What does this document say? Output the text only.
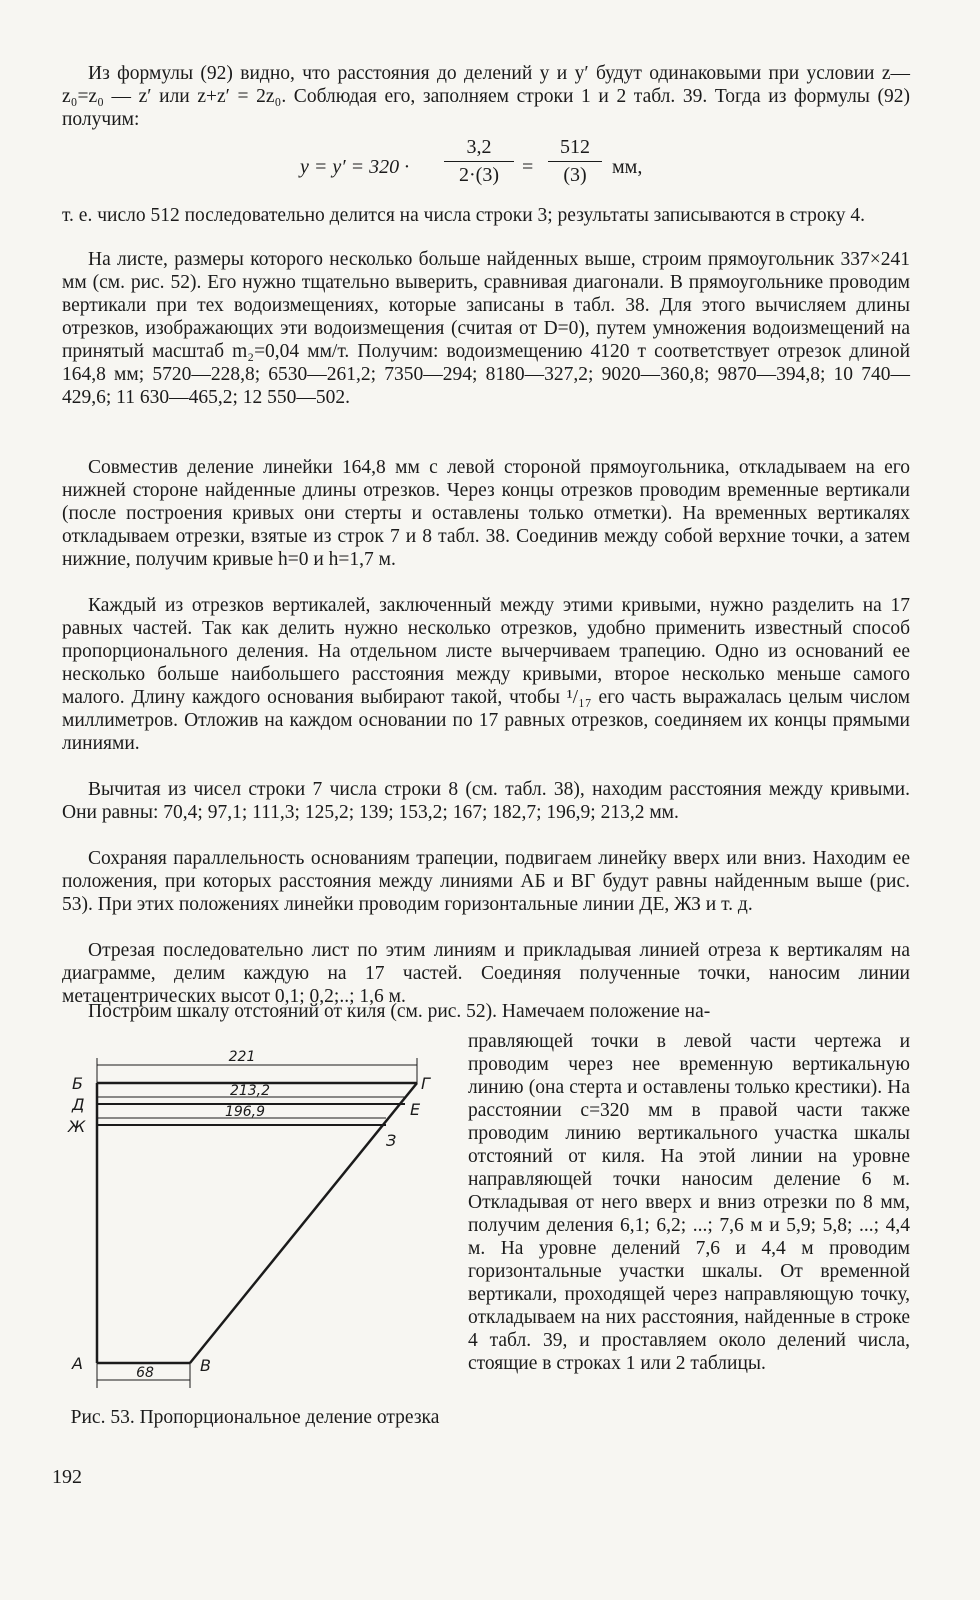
Из формулы (92) видно, что расстояния до делений y и y′ будут одинаковыми при условии z—z₀=z₀ — z′ или z+z′ = 2z₀. Соблюдая его, заполняем строки 1 и 2 табл. 39. Тогда из формулы (92) получим:

$y = y' = 320 \cdot \frac{3,2}{2\cdot(3)} = \frac{512}{(3)}$ мм,

т. е. число 512 последовательно делится на числа строки 3; результаты записываются в строку 4.

На листе, размеры которого несколько больше найденных выше, строим прямоугольник 337×241 мм (см. рис. 52). Его нужно тщательно выверить, сравнивая диагонали. В прямоугольнике проводим вертикали при тех водоизмещениях, которые записаны в табл. 38. Для этого вычисляем длины отрезков, изображающих эти водоизмещения (считая от D=0), путем умножения водоизмещений на принятый масштаб m₂=0,04 мм/т. Получим: водоизмещению 4120 т соответствует отрезок длиной 164,8 мм; 5720—228,8; 6530—261,2; 7350—294; 8180—327,2; 9020—360,8; 9870—394,8; 10 740—429,6; 11 630—465,2; 12 550—502.

Совместив деление линейки 164,8 мм с левой стороной прямоугольника, откладываем на его нижней стороне найденные длины отрезков. Через концы отрезков проводим временные вертикали (после построения кривых они стерты и оставлены только отметки). На временных вертикалях откладываем отрезки, взятые из строк 7 и 8 табл. 38. Соединив между собой верхние точки, а затем нижние, получим кривые h=0 и h=1,7 м.

Каждый из отрезков вертикалей, заключенный между этими кривыми, нужно разделить на 17 равных частей. Так как делить нужно несколько отрезков, удобно применить известный способ пропорционального деления. На отдельном листе вычерчиваем трапецию. Одно из оснований ее несколько больше наибольшего расстояния между кривыми, второе несколько меньше самого малого. Длину каждого основания выбирают такой, чтобы ¹/₁₇ его часть выражалась целым числом миллиметров. Отложив на каждом основании по 17 равных отрезков, соединяем их концы прямыми линиями.

Вычитая из чисел строки 7 числа строки 8 (см. табл. 38), находим расстояния между кривыми. Они равны: 70,4; 97,1; 111,3; 125,2; 139; 153,2; 167; 182,7; 196,9; 213,2 мм.

Сохраняя параллельность основаниям трапеции, подвигаем линейку вверх или вниз. Находим ее положения, при которых расстояния между линиями АБ и ВГ будут равны найденным выше (рис. 53). При этих положениях линейки проводим горизонтальные линии ДЕ, ЖЗ и т. д.

Отрезая последовательно лист по этим линиям и прикладывая линией отреза к вертикалям на диаграмме, делим каждую на 17 частей. Соединяя полученные точки, наносим линии метацентрических высот 0,1; 0,2;..; 1,6 м.

Построим шкалу отстояний от киля (см. рис. 52). Намечаем положение на-

правляющей точки в левой части чертежа и проводим через нее временную вертикальную линию (она стерта и оставлены только крестики). На расстоянии c=320 мм в правой части также проводим линию вертикального участка шкалы отстояний от киля. На этой линии на уровне направляющей точки наносим деление 6 м. Откладывая от него вверх и вниз отрезки по 8 мм, получим деления 6,1; 6,2; ...; 7,6 м и 5,9; 5,8; ...; 4,4 м. На уровне делений 7,6 и 4,4 м проводим горизонтальные участки шкалы. От временной вертикали, проходящей через направляющую точку, откладываем на них расстояния, найденные в строке 4 табл. 39, и проставляем около делений числа, стоящие в строках 1 или 2 таблицы.

221
213,2
196,9
68
Б
Д
Ж
А
Г
Е
З
В
Рис. 53. Пропорциональное деление отрезка
192
